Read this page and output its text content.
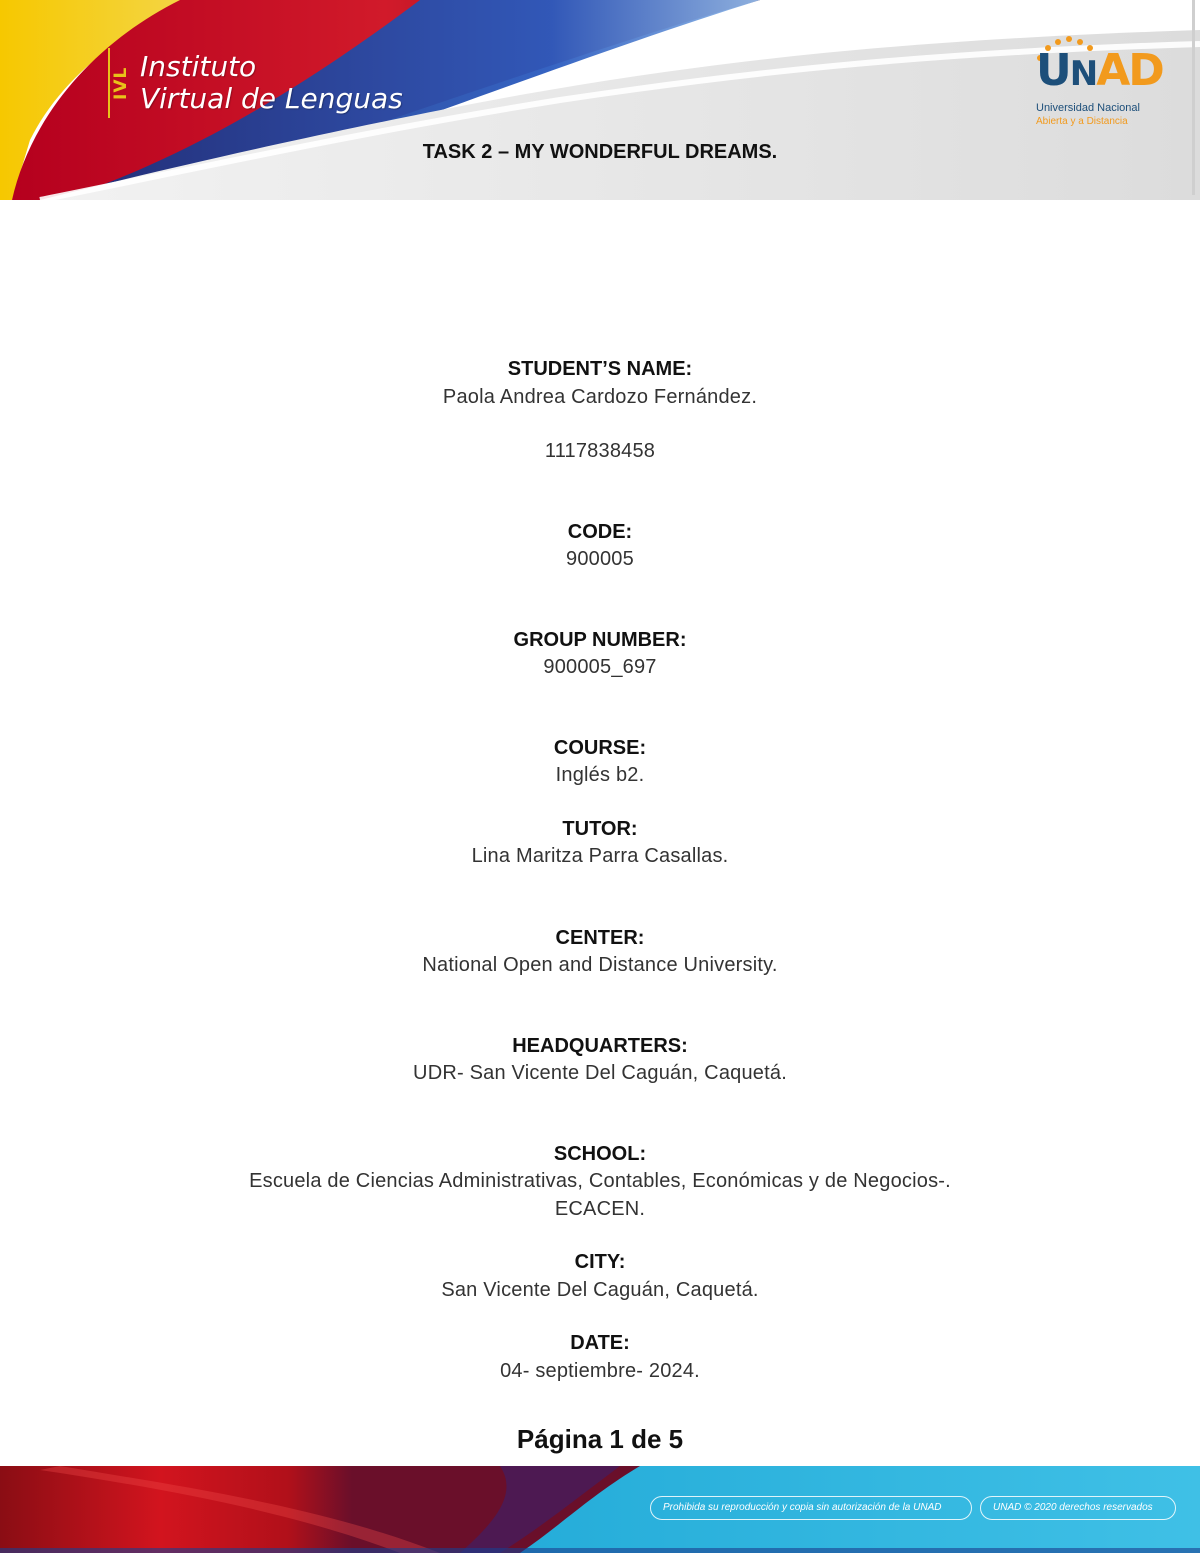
IVL Instituto
Virtual de Lenguas
UNAD
Universidad Nacional
Abierta y a Distancia
TASK 2 – MY WONDERFUL DREAMS.
STUDENT’S NAME:
Paola Andrea Cardozo Fernández.
1117838458
CODE:
900005
GROUP NUMBER:
900005_697
COURSE:
Inglés b2.
TUTOR:
Lina Maritza Parra Casallas.
CENTER:
National Open and Distance University.
HEADQUARTERS:
UDR- San Vicente Del Caguán, Caquetá.
SCHOOL:
Escuela de Ciencias Administrativas, Contables, Económicas y de Negocios-.
ECACEN.
CITY:
San Vicente Del Caguán, Caquetá.
DATE:
04- septiembre- 2024.
Página 1 de 5
Prohibida su reproducción y copia sin autorización de la UNAD	UNAD © 2020 derechos reservados
